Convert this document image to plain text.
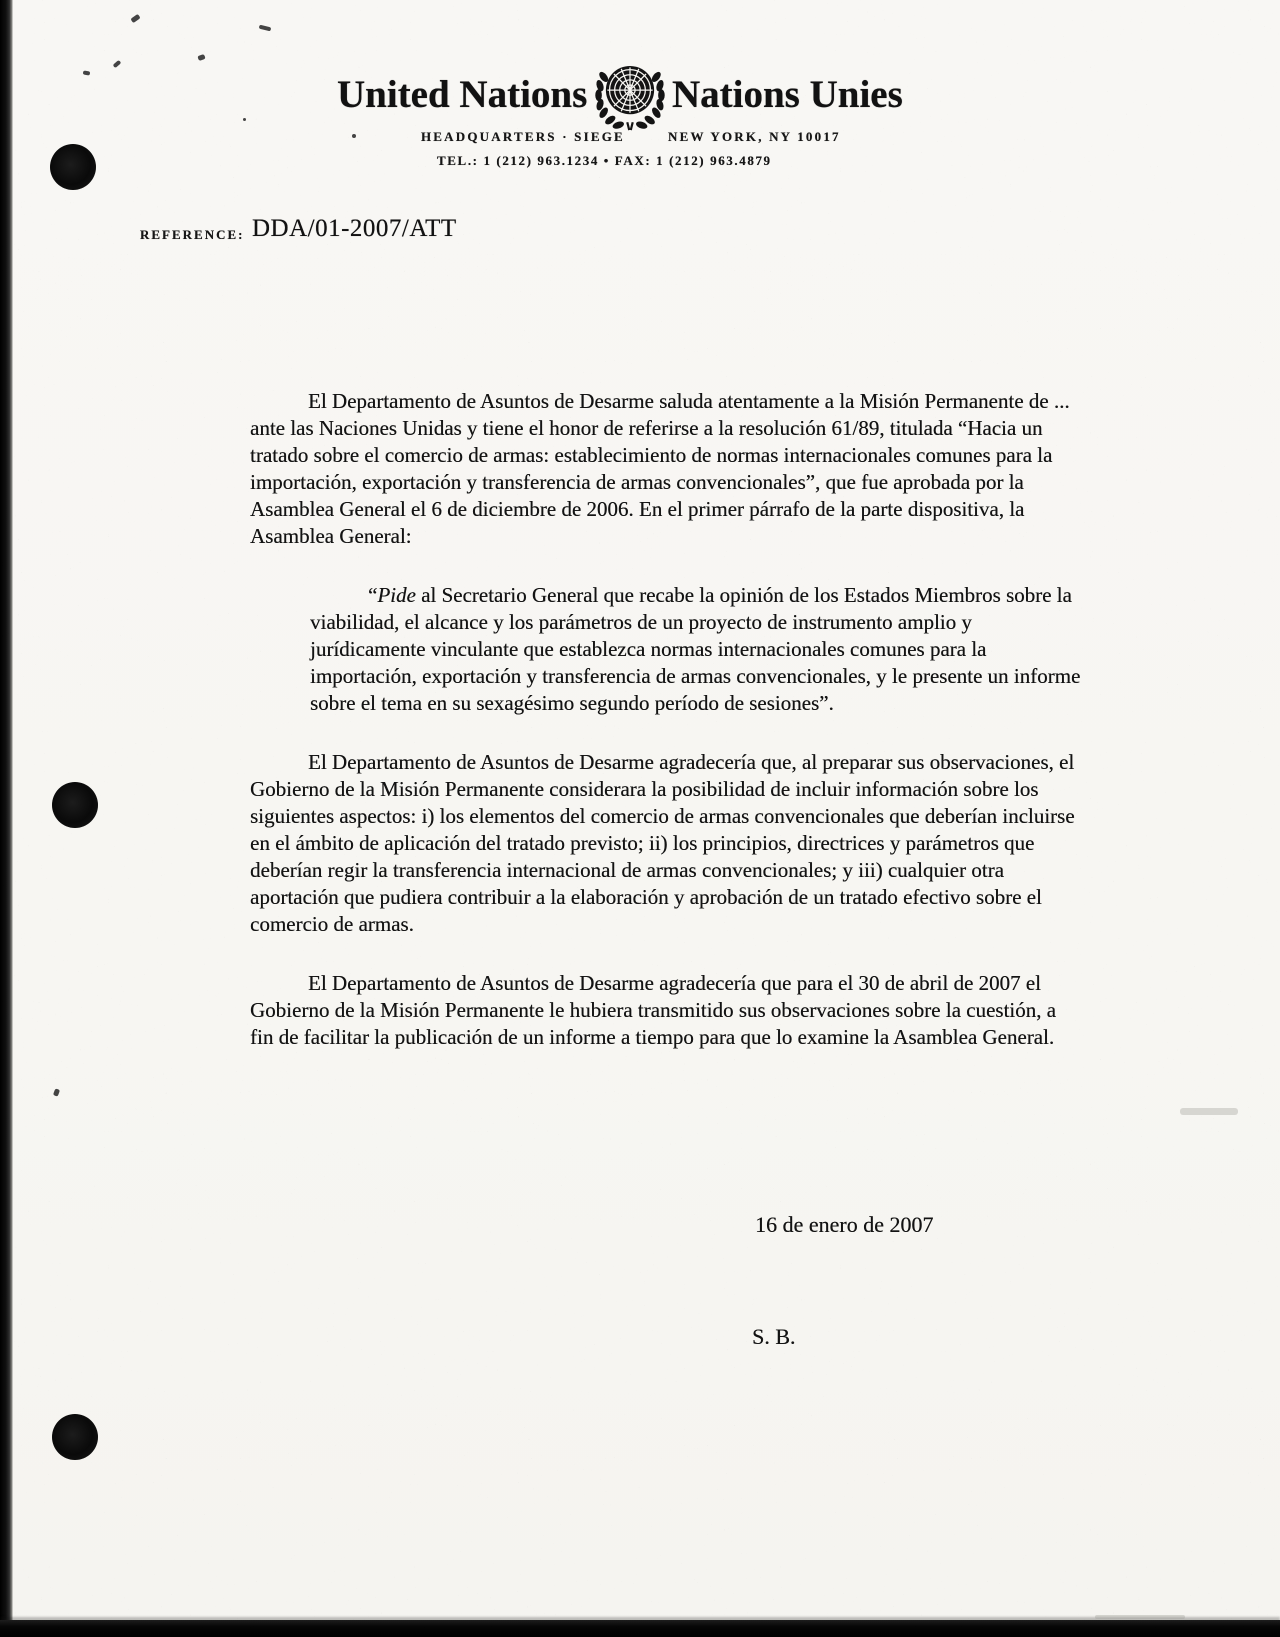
United Nations Nations Unies
HEADQUARTERS · SIEGE	NEW YORK, NY 10017
TEL.: 1 (212) 963.1234 • FAX: 1 (212) 963.4879
REFERENCE: DDA/01-2007/ATT

El Departamento de Asuntos de Desarme saluda atentamente a la Misión Permanente de ... ante las Naciones Unidas y tiene el honor de referirse a la resolución 61/89, titulada “Hacia un tratado sobre el comercio de armas: establecimiento de normas internacionales comunes para la importación, exportación y transferencia de armas convencionales”, que fue aprobada por la Asamblea General el 6 de diciembre de 2006. En el primer párrafo de la parte dispositiva, la Asamblea General:

“Pide al Secretario General que recabe la opinión de los Estados Miembros sobre la viabilidad, el alcance y los parámetros de un proyecto de instrumento amplio y jurídicamente vinculante que establezca normas internacionales comunes para la importación, exportación y transferencia de armas convencionales, y le presente un informe sobre el tema en su sexagésimo segundo período de sesiones”.

El Departamento de Asuntos de Desarme agradecería que, al preparar sus observaciones, el Gobierno de la Misión Permanente considerara la posibilidad de incluir información sobre los siguientes aspectos: i) los elementos del comercio de armas convencionales que deberían incluirse en el ámbito de aplicación del tratado previsto; ii) los principios, directrices y parámetros que deberían regir la transferencia internacional de armas convencionales; y iii) cualquier otra aportación que pudiera contribuir a la elaboración y aprobación de un tratado efectivo sobre el comercio de armas.

El Departamento de Asuntos de Desarme agradecería que para el 30 de abril de 2007 el Gobierno de la Misión Permanente le hubiera transmitido sus observaciones sobre la cuestión, a fin de facilitar la publicación de un informe a tiempo para que lo examine la Asamblea General.

16 de enero de 2007
S. B.
